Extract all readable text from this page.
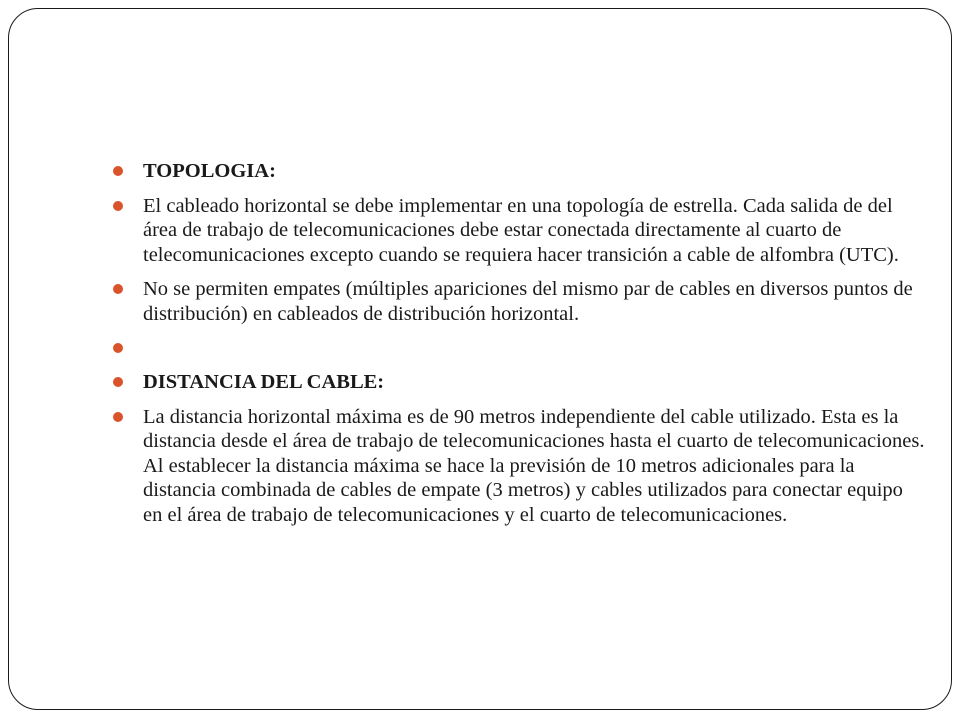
TOPOLOGIA:
El cableado horizontal se debe implementar en una topología de estrella. Cada salida de del área de trabajo de telecomunicaciones debe estar conectada directamente al cuarto de telecomunicaciones excepto cuando se requiera hacer transición a cable de alfombra (UTC).
No se permiten empates (múltiples apariciones del mismo par de cables en diversos puntos de distribución) en cableados de distribución horizontal.
DISTANCIA DEL CABLE:
La distancia horizontal máxima es de 90 metros independiente del cable utilizado. Esta es la distancia desde el área de trabajo de telecomunicaciones hasta el cuarto de telecomunicaciones. Al establecer la distancia máxima se hace la previsión de 10 metros adicionales para la distancia combinada de cables de empate (3 metros) y cables utilizados para conectar equipo en el área de trabajo de telecomunicaciones y el cuarto de telecomunicaciones.
